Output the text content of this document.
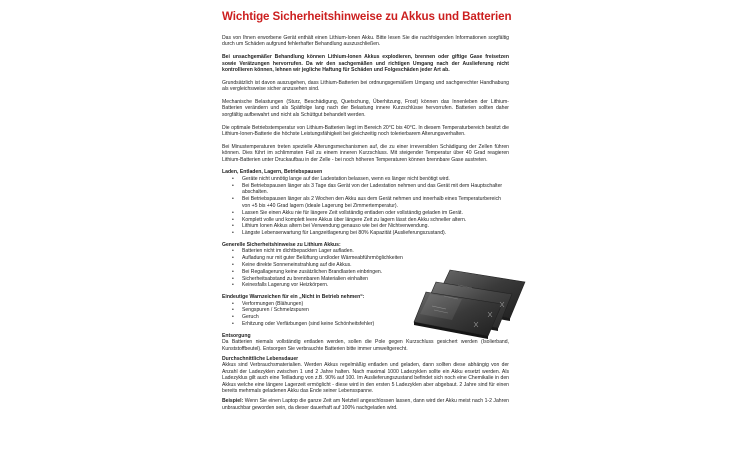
Wichtige Sicherheitshinweise zu Akkus und Batterien

Das von Ihnen erworbene Gerät enthält einen Lithium-Ionen Akku. Bitte lesen Sie die nachfolgenden Informationen sorgfältig durch um Schäden aufgrund fehlerhafter Behandlung auszuschließen.

Bei unsachgemäßer Behandlung können Lithium-Ionen Akkus explodieren, brennen oder giftige Gase freisetzen sowie Verätzungen hervorrufen. Da wir den sachgemäßen und richtigen Umgang nach der Auslieferung nicht kontrollieren können, lehnen wir jegliche Haftung für Schäden und Folgeschäden jeder Art ab.

Grundsätzlich ist davon auszugehen, dass Lithium-Batterien bei ordnungsgemäßem Umgang und sachgerechter Handhabung als vergleichsweise sicher anzusehen sind.

Mechanische Belastungen (Sturz, Beschädigung, Quetschung, Überhitzung, Frost) können das Innenleben der Lithium-Batterien verändern und als Spätfolge lang nach der Belastung innere Kurzschlüsse hervorrufen. Batterien sollten daher sorgfältig aufbewahrt und nicht als Schüttgut behandelt werden.

Die optimale Betriebstemperatur von Lithium-Batterien liegt im Bereich 20°C bis 40°C. In diesem Temperaturbereich besitzt die Lithium-Ionen-Batterie die höchste Leistungsfähigkeit bei gleichzeitig noch tolerierbarem Alterungsverhalten.

Bei Minustemperaturen treten spezielle Alterungsmechanismen auf, die zu einer irreversiblen Schädigung der Zellen führen können. Dies führt im schlimmsten Fall zu einem inneren Kurzschluss. Mit steigender Temperatur über 40 Grad reagieren Lithium-Batterien unter Druckaufbau in der Zelle - bei noch höheren Temperaturen können brennbare Gase austreten.

Laden, Entladen, Lagern, Betriebspausen

• Geräte nicht unnötig lange auf der Ladestation belassen, wenn es länger nicht benötigt wird.
• Bei Betriebspausen länger als 3 Tage das Gerät von der Ladestation nehmen und das Gerät mit dem Hauptschalter abschalten.
• Bei Betriebspausen länger als 2 Wochen den Akku aus dem Gerät nehmen und innerhalb eines Temperaturbereich von +5 bis +40 Grad lagern (ideale Lagerung bei Zimmertemperatur).
• Lassen Sie einen Akku nie für längere Zeit vollständig entladen oder vollständig geladen im Gerät.
• Komplett volle und komplett leere Akkus über längere Zeit zu lagern lässt den Akku schneller altern.
• Lithium Ionen Akkus altern bei Verwendung genauso wie bei der Nichtverwendung.
• Längste Lebenserwartung für Langzeitlagerung bei 80% Kapazität (Auslieferungszustand).

Generelle Sicherheitshinweise zu Lithium Akkus:

• Batterien nicht im dichtbepackten Lager aufladen.
• Aufladung nur mit guter Belüftung und/oder Wärmeabführmöglichkeiten
• Keine direkte Sonneneinstrahlung auf die Akkus.
• Bei Regallagerung keine zusätzlichen Brandlasten einbringen.
• Sicherheitsabstand zu brennbaren Materialien einhalten
• Keinesfalls Lagerung vor Heizkörpern.

Eindeutige Warnzeichen für ein „Nicht in Betrieb nehmen“:

• Verformungen (Blähungen)
• Sengspuren / Schmelzspuren
• Geruch
• Erhitzung oder Verfärbungen (sind keine Schönheitsfehler)

Entsorgung

Da Batterien niemals vollständig entladen werden, sollen die Pole gegen Kurzschluss gesichert werden (Isolierband, Kunststoffbeutel). Entsorgen Sie verbrauchte Batterien bitte immer umweltgerecht.

Durchschnittliche Lebensdauer

Akkus sind Verbrauchsmaterialien. Werden Akkus regelmäßig entladen und geladen, dann sollten diese abhängig von der Anzahl der Ladezyklen zwischen 1 und 2 Jahre halten. Nach maximal 1000 Ladezyklen sollte ein Akku ersetzt werden. Als Ladezyklus gilt auch eine Teilladung von z.B. 90% auf 100. Im Auslieferungszustand befindet sich noch eine Chemikalie in den Akkus welche eine längere Lagerzeit ermöglicht - diese wird in den ersten 5 Ladezyklen aber abgebaut. 2 Jahre sind für einen bereits mehrmals geladenen Akku das Ende seiner Lebensspanne.

Beispiel: Wenn Sie einen Laptop die ganze Zeit am Netzteil angeschlossen lassen, dann wird der Akku meist nach 1-2 Jahren unbrauchbar geworden sein, da dieser dauerhaft auf 100% nachgeladen wird.
